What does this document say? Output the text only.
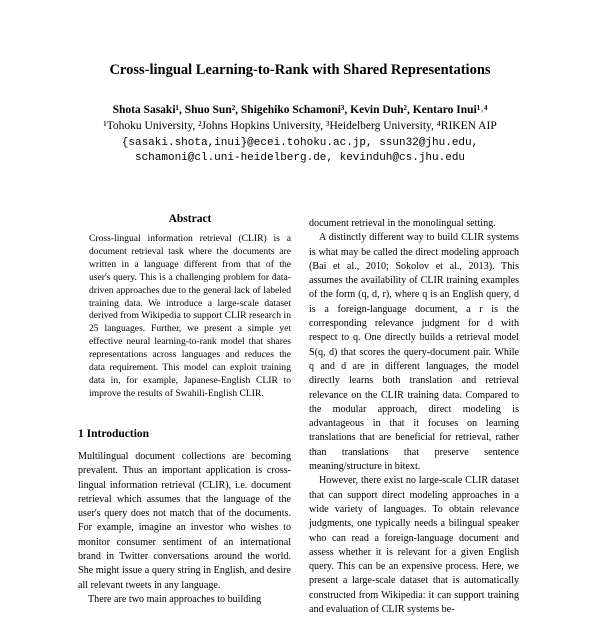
Cross-lingual Learning-to-Rank with Shared Representations
Shota Sasaki¹, Shuo Sun², Shigehiko Schamoni³, Kevin Duh², Kentaro Inui¹˒⁴
¹Tohoku University, ²Johns Hopkins University, ³Heidelberg University, ⁴RIKEN AIP
{sasaki.shota,inui}@ecei.tohoku.ac.jp, ssun32@jhu.edu,
schamoni@cl.uni-heidelberg.de, kevinduh@cs.jhu.edu
Abstract

Cross-lingual information retrieval (CLIR) is a document retrieval task where the documents are written in a language different from that of the user's query. This is a challenging problem for data-driven approaches due to the general lack of labeled training data. We introduce a large-scale dataset derived from Wikipedia to support CLIR research in 25 languages. Further, we present a simple yet effective neural learning-to-rank model that shares representations across languages and reduces the data requirement. This model can exploit training data in, for example, Japanese-English CLIR to improve the results of Swahili-English CLIR.

1 Introduction

Multilingual document collections are becoming prevalent. Thus an important application is cross-lingual information retrieval (CLIR), i.e. document retrieval which assumes that the language of the user's query does not match that of the documents. For example, imagine an investor who wishes to monitor consumer sentiment of an international brand in Twitter conversations around the world. She might issue a query string in English, and desire all relevant tweets in any language.

There are two main approaches to building

document retrieval in the monolingual setting.

A distinctly different way to build CLIR systems is what may be called the direct modeling approach (Bai et al., 2010; Sokolov et al., 2013). This assumes the availability of CLIR training examples of the form (q, d, r), where q is an English query, d is a foreign-language document, a r is the corresponding relevance judgment for d with respect to q. One directly builds a retrieval model S(q, d) that scores the query-document pair. While q and d are in different languages, the model directly learns both translation and retrieval relevance on the CLIR training data. Compared to the modular approach, direct modeling is advantageous in that it focuses on learning translations that are beneficial for retrieval, rather than translations that preserve sentence meaning/structure in bitext.

However, there exist no large-scale CLIR dataset that can support direct modeling approaches in a wide variety of languages. To obtain relevance judgments, one typically needs a bilingual speaker who can read a foreign-language document and assess whether it is relevant for a given English query. This can be an expensive process. Here, we present a large-scale dataset that is automatically constructed from Wikipedia: it can support training and evaluation of CLIR systems be-
